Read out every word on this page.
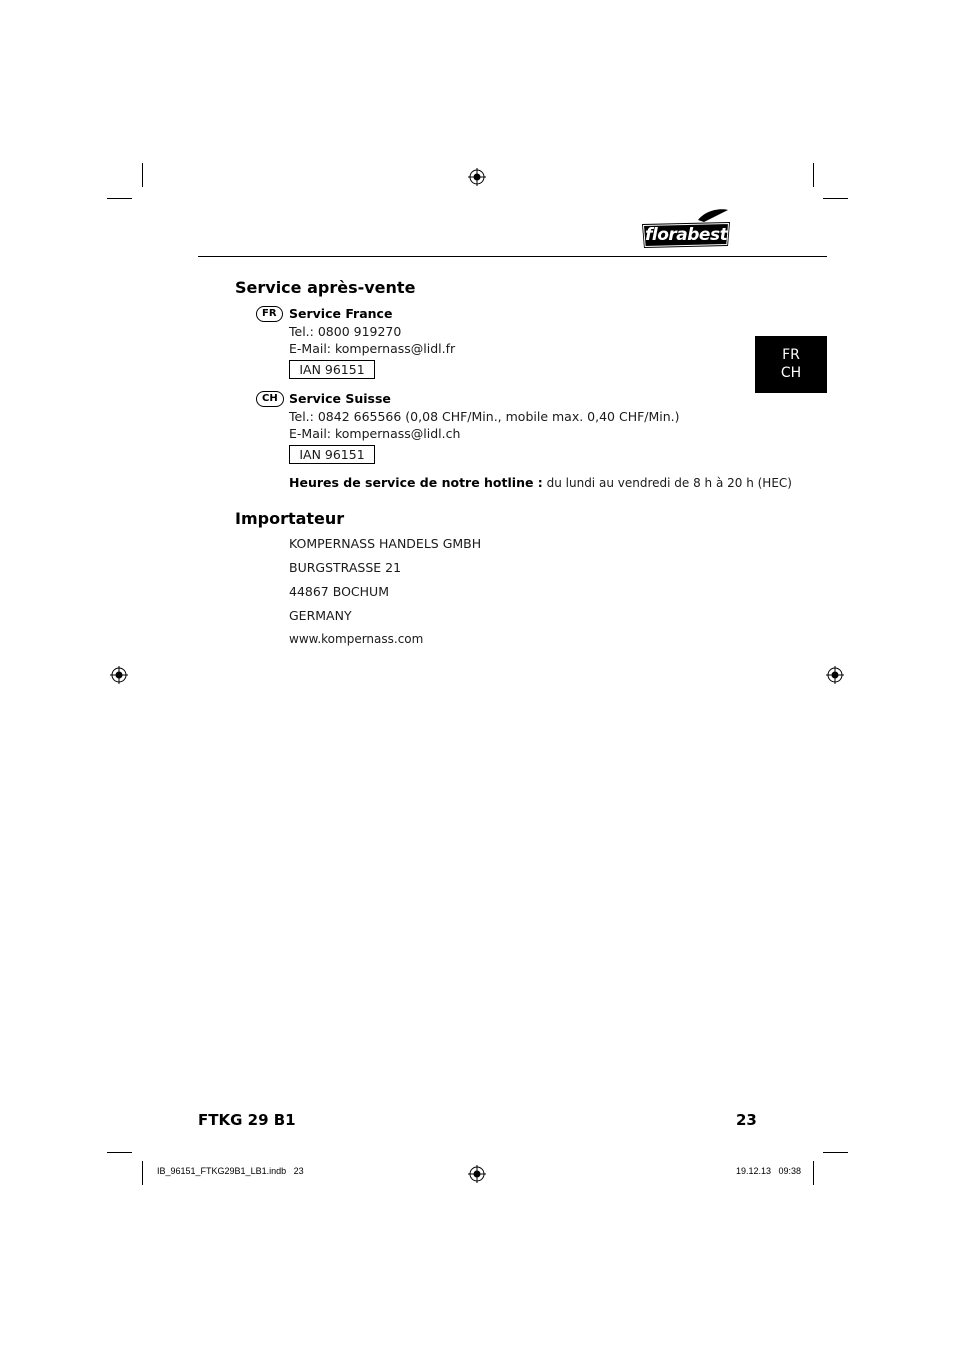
florabest
Service après-vente
FR Service France
Tel.: 0800 919270
E-Mail: kompernass@lidl.fr
IAN 96151
CH Service Suisse
Tel.: 0842 665566 (0,08 CHF/Min., mobile max. 0,40 CHF/Min.)
E-Mail: kompernass@lidl.ch
IAN 96151
Heures de service de notre hotline : du lundi au vendredi de 8 h à 20 h (HEC)
Importateur
KOMPERNASS HANDELS GMBH
BURGSTRASSE 21
44867 BOCHUM
GERMANY
www.kompernass.com
FR
CH
FTKG 29 B1	23
IB_96151_FTKG29B1_LB1.indb   23	19.12.13   09:38
